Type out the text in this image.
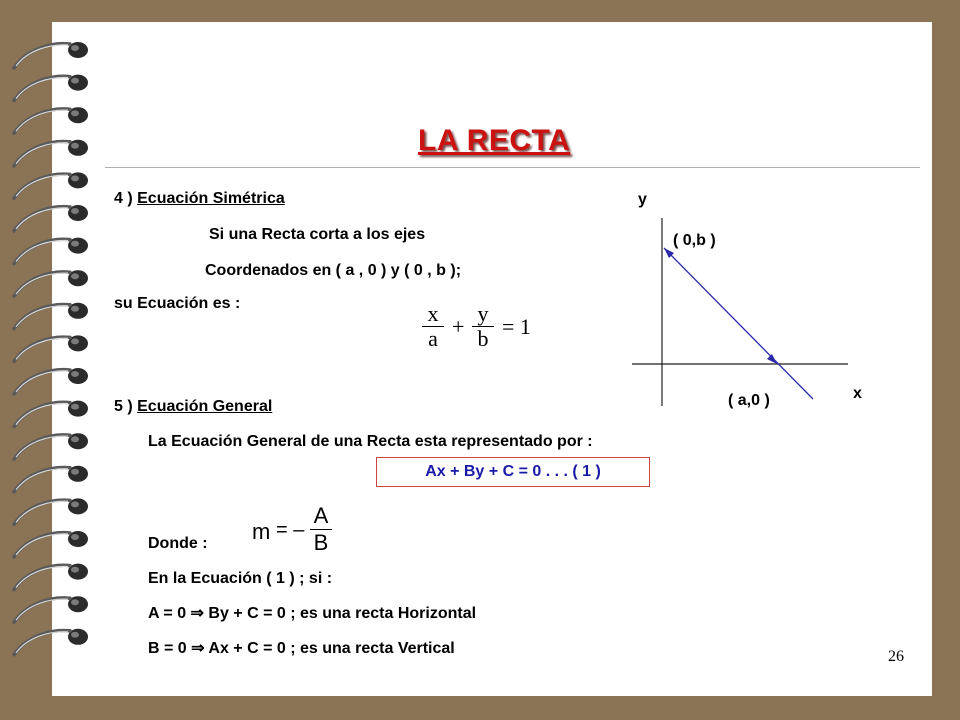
LA RECTA
4 ) Ecuación Simétrica
Si una Recta corta a los ejes
Coordenados en ( a , 0 ) y ( 0 , b );
su Ecuación es :	x
a +
y
b = 1
y
x
( 0,b )
( a,0 )
5 ) Ecuación General
La Ecuación General de una Recta esta representado por :
Ax + By + C = 0 . . . ( 1 )
m = –
A
B
Donde :
En la Ecuación ( 1 ) ; si :
A = 0 ⇒ By + C = 0 ; es una recta Horizontal
B = 0 ⇒ Ax + C = 0 ; es una recta Vertical	26
